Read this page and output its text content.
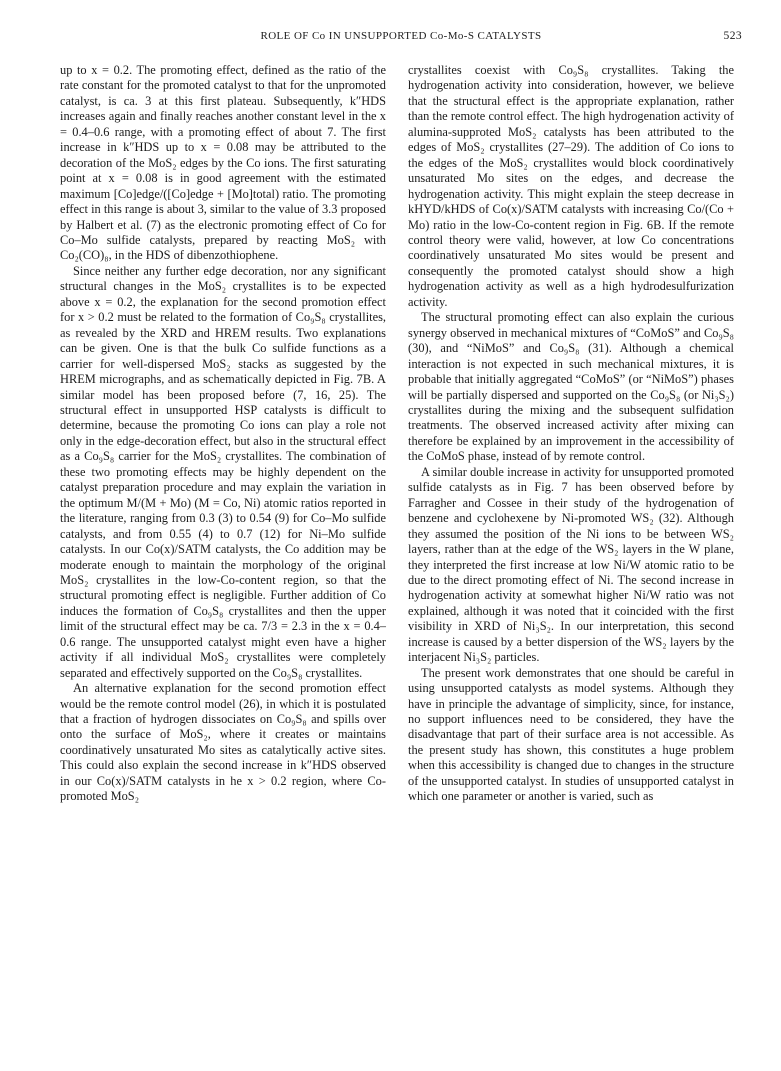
ROLE OF Co IN UNSUPPORTED Co-Mo-S CATALYSTS	523

up to x = 0.2. The promoting effect, defined as the ratio of the rate constant for the promoted catalyst to that for the unpromoted catalyst, is ca. 3 at this first plateau. Subsequently, k″HDS increases again and finally reaches another constant level in the x = 0.4–0.6 range, with a promoting effect of about 7. The first increase in k″HDS up to x = 0.08 may be attributed to the decoration of the MoS₂ edges by the Co ions. The first saturating point at x = 0.08 is in good agreement with the estimated maximum [Co]edge/([Co]edge + [Mo]total) ratio. The promoting effect in this range is about 3, similar to the value of 3.3 proposed by Halbert et al. (7) as the electronic promoting effect of Co for Co–Mo sulfide catalysts, prepared by reacting MoS₂ with Co₂(CO)₈, in the HDS of dibenzothiophene.

Since neither any further edge decoration, nor any significant structural changes in the MoS₂ crystallites is to be expected above x = 0.2, the explanation for the second promotion effect for x > 0.2 must be related to the formation of Co₉S₈ crystallites, as revealed by the XRD and HREM results. Two explanations can be given. One is that the bulk Co sulfide functions as a carrier for well-dispersed MoS₂ stacks as suggested by the HREM micrographs, and as schematically depicted in Fig. 7B. A similar model has been proposed before (7, 16, 25). The structural effect in unsupported HSP catalysts is difficult to determine, because the promoting Co ions can play a role not only in the edge-decoration effect, but also in the structural effect as a Co₉S₈ carrier for the MoS₂ crystallites. The combination of these two promoting effects may be highly dependent on the catalyst preparation procedure and may explain the variation in the optimum M/(M + Mo) (M = Co, Ni) atomic ratios reported in the literature, ranging from 0.3 (3) to 0.54 (9) for Co–Mo sulfide catalysts, and from 0.55 (4) to 0.7 (12) for Ni–Mo sulfide catalysts. In our Co(x)/SATM catalysts, the Co addition may be moderate enough to maintain the morphology of the original MoS₂ crystallites in the low-Co-content region, so that the structural promoting effect is negligible. Further addition of Co induces the formation of Co₉S₈ crystallites and then the upper limit of the structural effect may be ca. 7/3 = 2.3 in the x = 0.4–0.6 range. The unsupported catalyst might even have a higher activity if all individual MoS₂ crystallites were completely separated and effectively supported on the Co₉S₈ crystallites.

An alternative explanation for the second promotion effect would be the remote control model (26), in which it is postulated that a fraction of hydrogen dissociates on Co₉S₈ and spills over onto the surface of MoS₂, where it creates or maintains coordinatively unsaturated Mo sites as catalytically active sites. This could also explain the second increase in k″HDS observed in our Co(x)/SATM catalysts in he x > 0.2 region, where Co-promoted MoS₂

crystallites coexist with Co₉S₈ crystallites. Taking the hydrogenation activity into consideration, however, we believe that the structural effect is the appropriate explanation, rather than the remote control effect. The high hydrogenation activity of alumina-supproted MoS₂ catalysts has been attributed to the edges of MoS₂ crystallites (27–29). The addition of Co ions to the edges of the MoS₂ crystallites would block coordinatively unsaturated Mo sites on the edges, and decrease the hydrogenation activity. This might explain the steep decrease in kHYD/kHDS of Co(x)/SATM catalysts with increasing Co/(Co + Mo) ratio in the low-Co-content region in Fig. 6B. If the remote control theory were valid, however, at low Co concentrations coordinatively unsaturated Mo sites would be present and consequently the promoted catalyst should show a high hydrogenation activity as well as a high hydrodesulfurization activity.

The structural promoting effect can also explain the curious synergy observed in mechanical mixtures of “CoMoS” and Co₉S₈ (30), and “NiMoS” and Co₉S₈ (31). Although a chemical interaction is not expected in such mechanical mixtures, it is probable that initially aggregated “CoMoS” (or “NiMoS”) phases will be partially dispersed and supported on the Co₉S₈ (or Ni₃S₂) crystallites during the mixing and the subsequent sulfidation treatments. The observed increased activity after mixing can therefore be explained by an improvement in the accessibility of the CoMoS phase, instead of by remote control.

A similar double increase in activity for unsupported promoted sulfide catalysts as in Fig. 7 has been observed before by Farragher and Cossee in their study of the hydrogenation of benzene and cyclohexene by Ni-promoted WS₂ (32). Although they assumed the position of the Ni ions to be between WS₂ layers, rather than at the edge of the WS₂ layers in the W plane, they interpreted the first increase at low Ni/W atomic ratio to be due to the direct promoting effect of Ni. The second increase in hydrogenation activity at somewhat higher Ni/W ratio was not explained, although it was noted that it coincided with the first visibility in XRD of Ni₃S₂. In our interpretation, this second increase is caused by a better dispersion of the WS₂ layers by the interjacent Ni₃S₂ particles.

The present work demonstrates that one should be careful in using unsupported catalysts as model systems. Although they have in principle the advantage of simplicity, since, for instance, no support influences need to be considered, they have the disadvantage that part of their surface area is not accessible. As the present study has shown, this constitutes a huge problem when this accessibility is changed due to changes in the structure of the unsupported catalyst. In studies of unsupported catalyst in which one parameter or another is varied, such as
